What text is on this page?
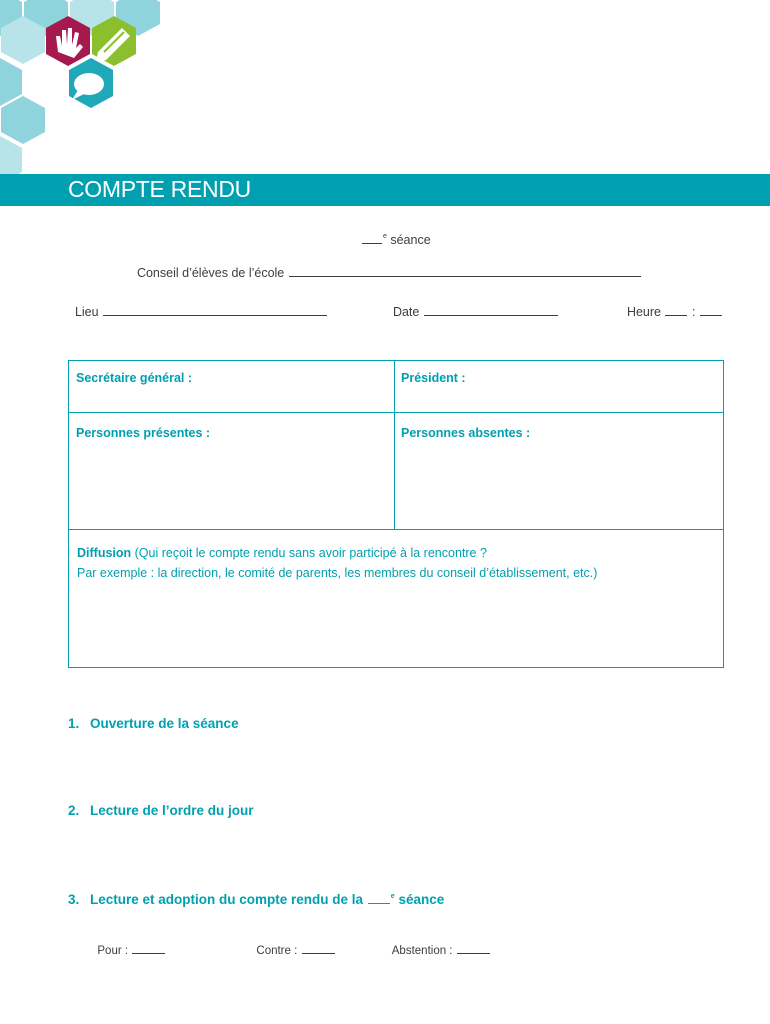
COMPTE RENDU

$^e$ séance

Conseil d’élèves de l’école

Lieu	Date	Heure :

Secrétaire général :	Président :
Personnes présentes :	Personnes absentes :
Diffusion (Qui reçoit le compte rendu sans avoir participé à la rencontre ?
Par exemple : la direction, le comité de parents, les membres du conseil d’établissement, etc.)
1. Ouverture de la séance
2. Lecture de l’ordre du jour
3. Lecture et adoption du compte rendu de la	$^e$ séance

Pour :	Contre :	Abstention :
